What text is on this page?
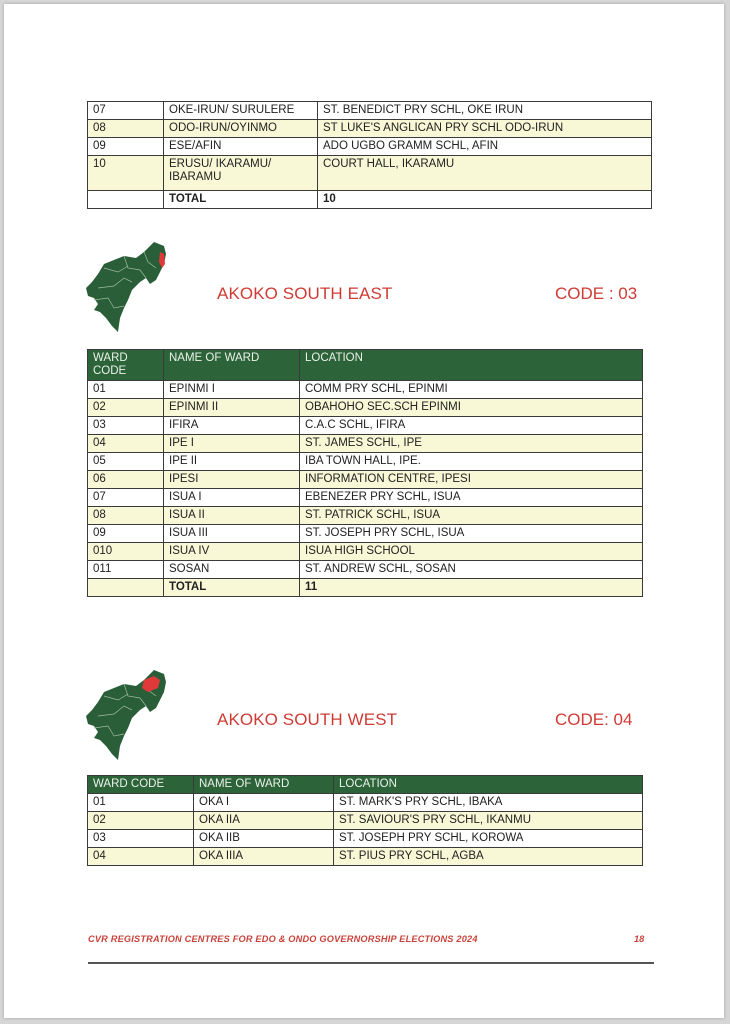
07	OKE-IRUN/ SURULERE	ST. BENEDICT PRY SCHL, OKE IRUN
08	ODO-IRUN/OYINMO	ST LUKE'S ANGLICAN PRY SCHL ODO-IRUN
09	ESE/AFIN	ADO UGBO GRAMM SCHL, AFIN
10	ERUSU/ IKARAMU/ IBARAMU	COURT HALL, IKARAMU
	TOTAL	10
AKOKO SOUTH EAST	CODE : 03
WARD CODE	NAME OF WARD	LOCATION
01	EPINMI I	COMM PRY SCHL, EPINMI
02	EPINMI II	OBAHOHO SEC.SCH EPINMI
03	IFIRA	C.A.C SCHL, IFIRA
04	IPE I	ST. JAMES SCHL, IPE
05	IPE II	IBA TOWN HALL, IPE.
06	IPESI	INFORMATION CENTRE, IPESI
07	ISUA I	EBENEZER PRY SCHL, ISUA
08	ISUA II	ST. PATRICK SCHL, ISUA
09	ISUA III	ST. JOSEPH PRY SCHL, ISUA
010	ISUA IV	ISUA HIGH SCHOOL
011	SOSAN	ST. ANDREW SCHL, SOSAN
	TOTAL	11
AKOKO SOUTH WEST	CODE: 04
WARD CODE	NAME OF WARD	LOCATION
01	OKA I	ST. MARK'S PRY SCHL, IBAKA
02	OKA IIA	ST. SAVIOUR'S PRY SCHL, IKANMU
03	OKA IIB	ST. JOSEPH PRY SCHL, KOROWA
04	OKA IIIA	ST. PIUS PRY SCHL, AGBA
CVR REGISTRATION CENTRES FOR EDO & ONDO GOVERNORSHIP ELECTIONS 2024	18
